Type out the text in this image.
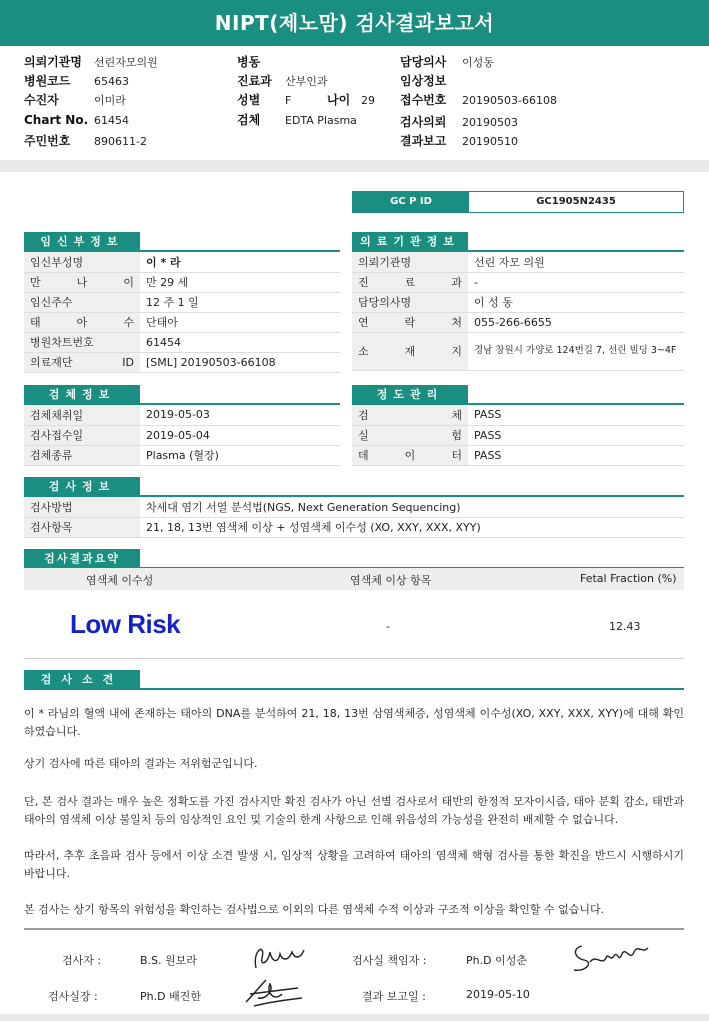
NIPT(제노맘) 검사결과보고서
의뢰기관명 선린자모의원
병원코드 65463
수진자	이미라
Chart No. 61454
주민번호 890611-2
병동
진료과 산부인과
성별 F	나이 29
검체 EDTA Plasma
담당의사 이성동
임상정보
접수번호 20190503-66108
검사의뢰 20190503
결과보고 20190510
GC P ID	GC1905N2435
임신부정보
임신부성명	이 * 라
만 나 이	만 29 세
임신주수	12 주 1 일
태 아 수	단태아
병원차트번호	61454
의료재단 ID	[SML] 20190503-66108
의료기관정보
의뢰기관명	선린 자모 의원
진 료 과	-
담당의사명	이 성 동
연 락 처	055-266-6655
소 재 지	경남 창원시 가양로 124번길 7, 선린 빌딩 3~4F
검체정보
검체채취일	2019-05-03
검사접수일	2019-05-04
검체종류	Plasma (혈장)
정도관리
검 체	PASS
실 험	PASS
데 이 터	PASS
검사정보
검사방법	차세대 염기 서열 분석법(NGS, Next Generation Sequencing)
검사항목	21, 18, 13번 염색체 이상 + 성염색체 이수성 (XO, XXY, XXX, XYY)
검사결과요약
염색체 이수성	염색체 이상 항목	Fetal Fraction (%)
Low Risk	-	12.43
검사소견

이 * 라님의 혈액 내에 존재하는 태아의 DNA를 분석하여 21, 18, 13번 삼염색체증, 성염색체 이수성(XO, XXY, XXX, XYY)에 대해 확인하였습니다.

상기 검사에 따른 태아의 결과는 저위험군입니다.

단, 본 검사 결과는 매우 높은 정확도를 가진 검사지만 확진 검사가 아닌 선별 검사로서 태반의 한정적 모자이시즘, 태아 분획 감소, 태반과 태아의 염색체 이상 불일치 등의 임상적인 요인 및 기술의 한계 사항으로 인해 위음성의 가능성을 완전히 배제할 수 없습니다.

따라서, 추후 초음파 검사 등에서 이상 소견 발생 시, 임상적 상황을 고려하여 태아의 염색체 핵형 검사를 통한 확진을 반드시 시행하시기 바랍니다.

본 검사는 상기 항목의 위험성을 확인하는 검사법으로 이외의 다른 염색체 수적 이상과 구조적 이상을 확인할 수 없습니다.

검사자 :	B.S. 원보라	검사실 책임자 :	Ph.D 이성춘
검사실장 :	Ph.D 배진한	결과 보고일 :	2019-05-10
